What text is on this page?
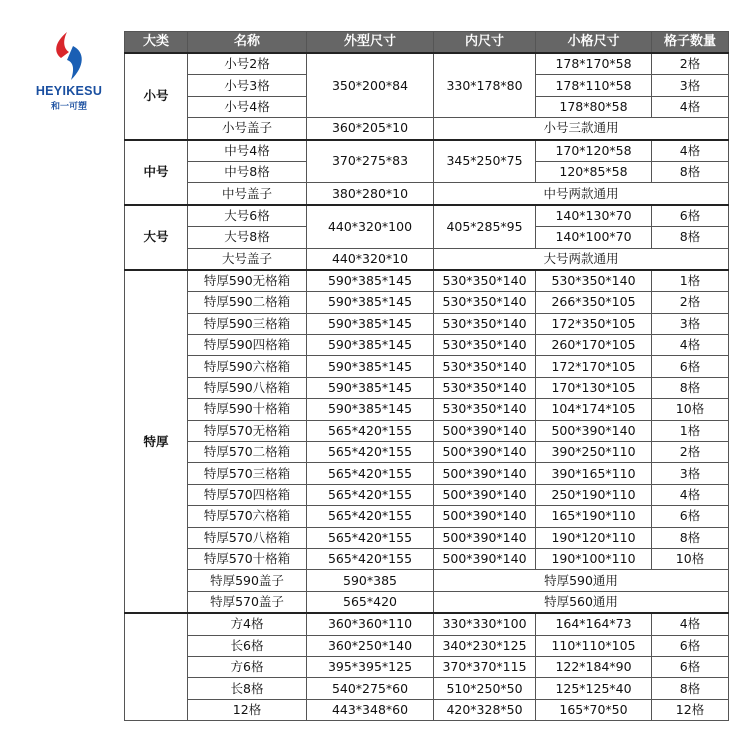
HEYIKESU
和一可塑
大类	名称	外型尺寸	内尺寸	小格尺寸	格子数量
小号	小号2格	350*200*84	330*178*80	178*170*58	2格
	小号3格			178*110*58	3格
	小号4格			178*80*58	4格
	小号盖子	360*205*10	小号三款通用		
中号	中号4格	370*275*83	345*250*75	170*120*58	4格
	中号8格			120*85*58	8格
	中号盖子	380*280*10	中号两款通用		
大号	大号6格	440*320*100	405*285*95	140*130*70	6格
	大号8格			140*100*70	8格
	大号盖子	440*320*10	大号两款通用		
特厚	特厚590无格箱	590*385*145	530*350*140	530*350*140	1格
	特厚590二格箱	590*385*145	530*350*140	266*350*105	2格
	特厚590三格箱	590*385*145	530*350*140	172*350*105	3格
	特厚590四格箱	590*385*145	530*350*140	260*170*105	4格
	特厚590六格箱	590*385*145	530*350*140	172*170*105	6格
	特厚590八格箱	590*385*145	530*350*140	170*130*105	8格
	特厚590十格箱	590*385*145	530*350*140	104*174*105	10格
	特厚570无格箱	565*420*155	500*390*140	500*390*140	1格
	特厚570二格箱	565*420*155	500*390*140	390*250*110	2格
	特厚570三格箱	565*420*155	500*390*140	390*165*110	3格
	特厚570四格箱	565*420*155	500*390*140	250*190*110	4格
	特厚570六格箱	565*420*155	500*390*140	165*190*110	6格
	特厚570八格箱	565*420*155	500*390*140	190*120*110	8格
	特厚570十格箱	565*420*155	500*390*140	190*100*110	10格
	特厚590盖子	590*385	特厚590通用		
	特厚570盖子	565*420	特厚560通用		
	方4格	360*360*110	330*330*100	164*164*73	4格
	长6格	360*250*140	340*230*125	110*110*105	6格
	方6格	395*395*125	370*370*115	122*184*90	6格
	长8格	540*275*60	510*250*50	125*125*40	8格
	12格	443*348*60	420*328*50	165*70*50	12格
